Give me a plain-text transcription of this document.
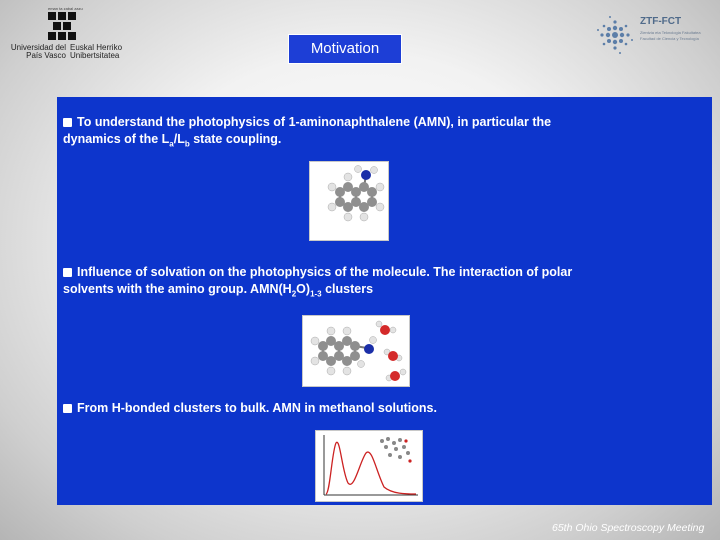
eman ta zabal zazu
Universidad del País Vasco
Euskal Herriko Unibertsitatea
ZTF-FCT
Zientzia eta Teknologia Fakultatea
Facultad de Ciencia y Tecnología
Motivation
To understand the photophysics of 1-aminonaphthalene (AMN), in particular the
dynamics of the $L_a/L_b$ state coupling.
Influence of solvation on the photophysics of the molecule. The interaction of polar
solvents with the amino group. $AMN(H_2O)_{1-3}$ clusters
From H-bonded clusters to bulk. AMN in methanol solutions.
65th Ohio Spectroscopy Meeting
